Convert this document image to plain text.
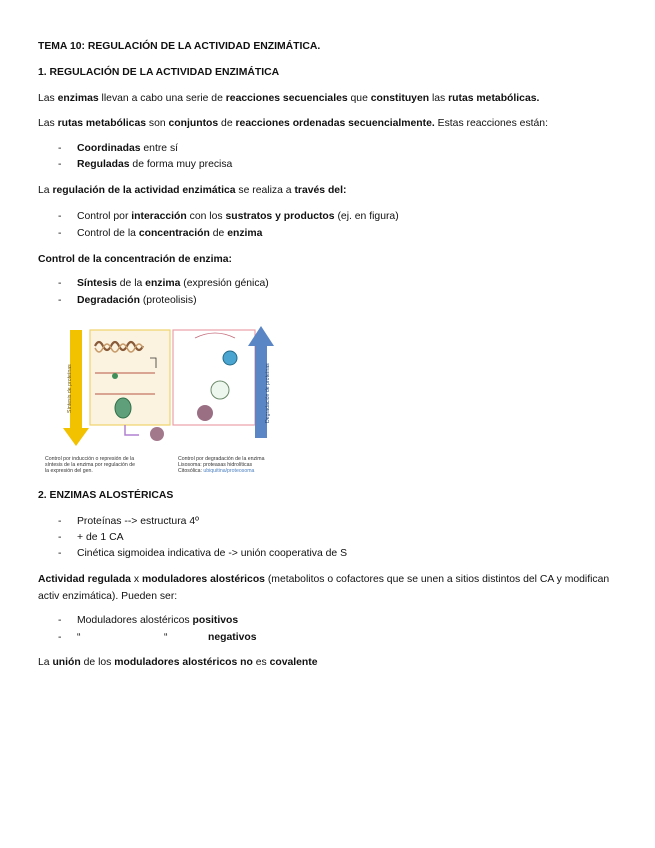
TEMA 10: REGULACIÓN DE LA ACTIVIDAD ENZIMÁTICA.
1. REGULACIÓN DE LA ACTIVIDAD ENZIMÁTICA
Las enzimas llevan a cabo una serie de reacciones secuenciales que constituyen las rutas metabólicas.
Las rutas metabólicas son conjuntos de reacciones ordenadas secuencialmente. Estas reacciones están:
- Coordinadas entre sí
- Reguladas de forma muy precisa
La regulación de la actividad enzimática se realiza a través del:
- Control por interacción con los sustratos y productos (ej. en figura)
- Control de la concentración de enzima
Control de la concentración de enzima:
- Síntesis de la enzima (expresión génica)
- Degradación (proteolisis)
Síntesis de proteínas	Degradación de proteínas
Control por inducción o represión de la
síntesis de la enzima por regulación de
la expresión del gen.
Control por degradación de la enzima
Lisosoma: proteasas hidrolíticas
Citosólica: ubiquitina/proteosoma
2. ENZIMAS ALOSTÉRICAS
- Proteínas --> estructura 4º
- + de 1 CA
- Cinética sigmoidea indicativa de -> unión cooperativa de S
Actividad regulada x moduladores alostéricos (metabolitos o cofactores que se unen a sitios distintos del CA y modifican activ enzimática). Pueden ser:
- Moduladores alostéricos positivos
- “	“	negativos
La unión de los moduladores alostéricos no es covalente
